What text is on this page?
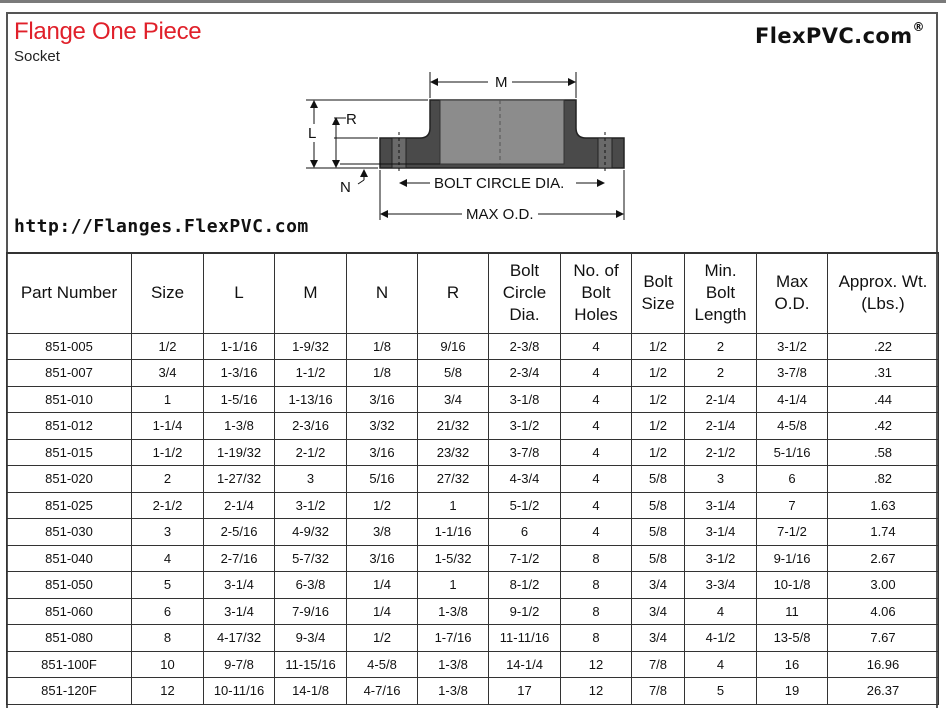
Flange One Piece
Socket
FlexPVC.com®
M
L
R
N	BOLT CIRCLE DIA.
MAX O.D.
http://Flanges.FlexPVC.com
Part Number	Size	L	M	N	R	Bolt Circle Dia.	No. of Bolt Holes	Bolt Size	Min. Bolt Length	Max O.D.	Approx. Wt. (Lbs.)
851-005	1/2	1-1/16	1-9/32	1/8	9/16	2-3/8	4	1/2	2	3-1/2	.22
851-007	3/4	1-3/16	1-1/2	1/8	5/8	2-3/4	4	1/2	2	3-7/8	.31
851-010	1	1-5/16	1-13/16	3/16	3/4	3-1/8	4	1/2	2-1/4	4-1/4	.44
851-012	1-1/4	1-3/8	2-3/16	3/32	21/32	3-1/2	4	1/2	2-1/4	4-5/8	.42
851-015	1-1/2	1-19/32	2-1/2	3/16	23/32	3-7/8	4	1/2	2-1/2	5-1/16	.58
851-020	2	1-27/32	3	5/16	27/32	4-3/4	4	5/8	3	6	.82
851-025	2-1/2	2-1/4	3-1/2	1/2	1	5-1/2	4	5/8	3-1/4	7	1.63
851-030	3	2-5/16	4-9/32	3/8	1-1/16	6	4	5/8	3-1/4	7-1/2	1.74
851-040	4	2-7/16	5-7/32	3/16	1-5/32	7-1/2	8	5/8	3-1/2	9-1/16	2.67
851-050	5	3-1/4	6-3/8	1/4	1	8-1/2	8	3/4	3-3/4	10-1/8	3.00
851-060	6	3-1/4	7-9/16	1/4	1-3/8	9-1/2	8	3/4	4	11	4.06
851-080	8	4-17/32	9-3/4	1/2	1-7/16	11-11/16	8	3/4	4-1/2	13-5/8	7.67
851-100F	10	9-7/8	11-15/16	4-5/8	1-3/8	14-1/4	12	7/8	4	16	16.96
851-120F	12	10-11/16	14-1/8	4-7/16	1-3/8	17	12	7/8	5	19	26.37
